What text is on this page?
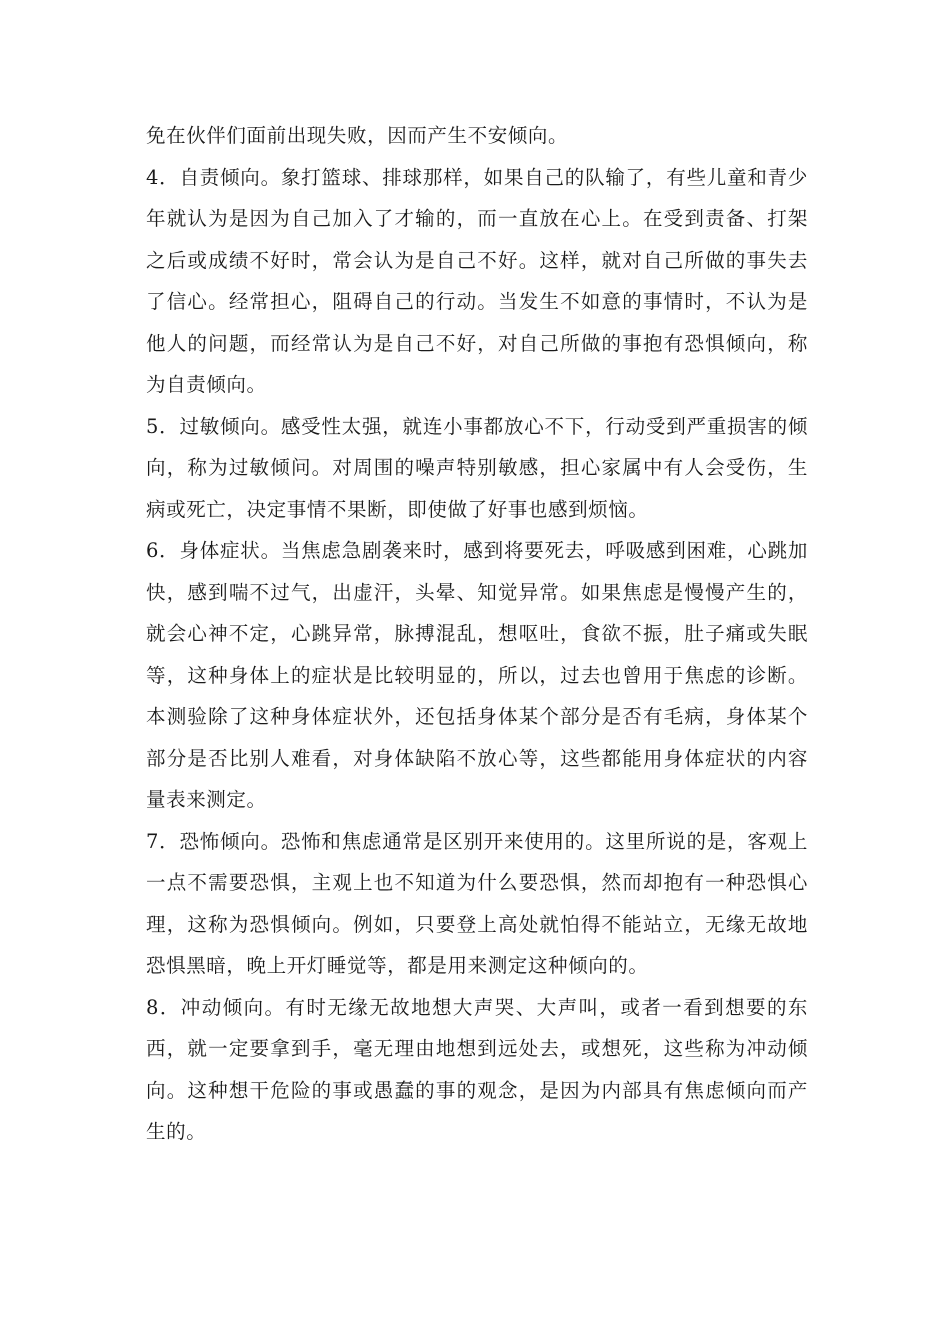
免在伙伴们面前出现失败，因而产生不安倾向。

4．自责倾向。象打篮球、排球那样，如果自己的队输了，有些儿童和青少年就认为是因为自己加入了才输的，而一直放在心上。在受到责备、打架之后或成绩不好时，常会认为是自己不好。这样，就对自己所做的事失去了信心。经常担心，阻碍自己的行动。当发生不如意的事情时，不认为是他人的问题，而经常认为是自己不好，对自己所做的事抱有恐惧倾向，称为自责倾向。

5．过敏倾向。感受性太强，就连小事都放心不下，行动受到严重损害的倾向，称为过敏倾问。对周围的噪声特别敏感，担心家属中有人会受伤，生病或死亡，决定事情不果断，即使做了好事也感到烦恼。

6．身体症状。当焦虑急剧袭来时，感到将要死去，呼吸感到困难，心跳加快，感到喘不过气，出虚汗，头晕、知觉异常。如果焦虑是慢慢产生的，就会心神不定，心跳异常，脉搏混乱，想呕吐，食欲不振，肚子痛或失眠等，这种身体上的症状是比较明显的，所以，过去也曾用于焦虑的诊断。本测验除了这种身体症状外，还包括身体某个部分是否有毛病，身体某个部分是否比别人难看，对身体缺陷不放心等，这些都能用身体症状的内容量表来测定。

7．恐怖倾向。恐怖和焦虑通常是区别开来使用的。这里所说的是，客观上一点不需要恐惧，主观上也不知道为什么要恐惧，然而却抱有一种恐惧心理，这称为恐惧倾向。例如，只要登上高处就怕得不能站立，无缘无故地恐惧黑暗，晚上开灯睡觉等，都是用来测定这种倾向的。

8．冲动倾向。有时无缘无故地想大声哭、大声叫，或者一看到想要的东西，就一定要拿到手，毫无理由地想到远处去，或想死，这些称为冲动倾向。这种想干危险的事或愚蠢的事的观念，是因为内部具有焦虑倾向而产生的。
